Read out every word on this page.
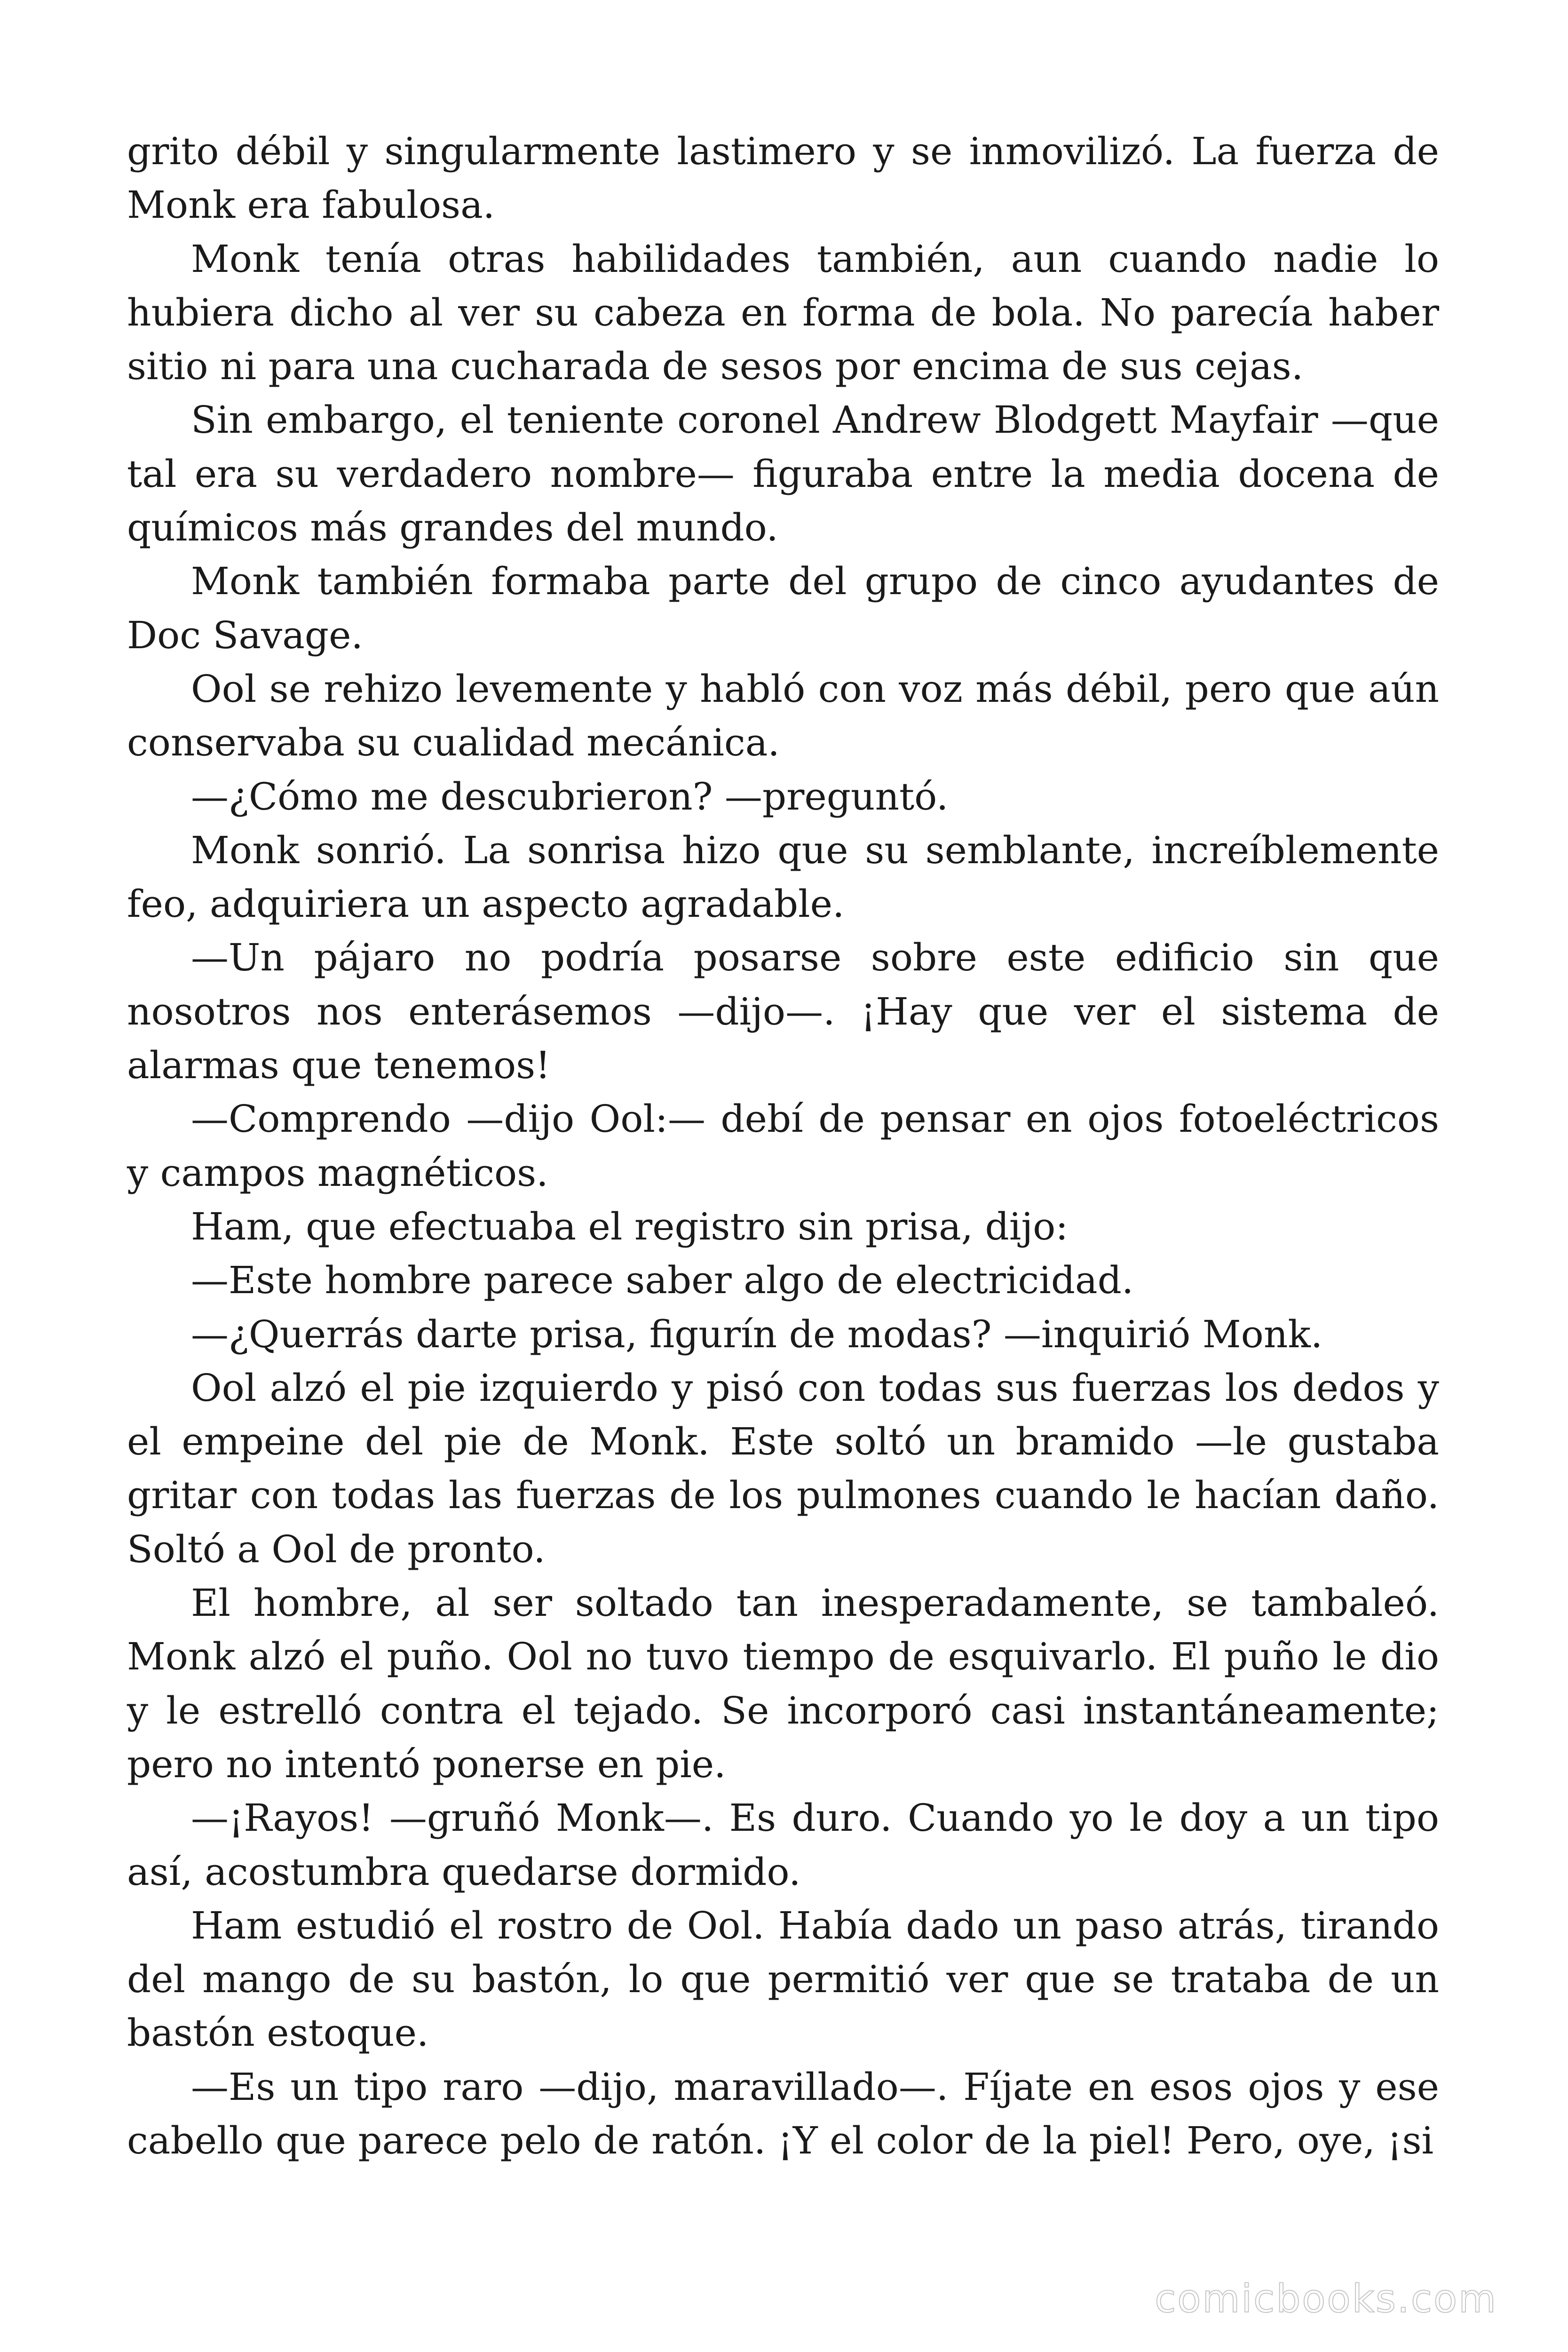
grito débil y singularmente lastimero y se inmovilizó. La fuerza de Monk era fabulosa.

Monk tenía otras habilidades también, aun cuando nadie lo hubiera dicho al ver su cabeza en forma de bola. No parecía haber sitio ni para una cucharada de sesos por encima de sus cejas.

Sin embargo, el teniente coronel Andrew Blodgett Mayfair —que tal era su verdadero nombre— figuraba entre la media docena de químicos más grandes del mundo.

Monk también formaba parte del grupo de cinco ayudantes de Doc Savage.

Ool se rehizo levemente y habló con voz más débil, pero que aún conservaba su cualidad mecánica.

—¿Cómo me descubrieron? —preguntó.

Monk sonrió. La sonrisa hizo que su semblante, increíblemente feo, adquiriera un aspecto agradable.

—Un pájaro no podría posarse sobre este edificio sin que nosotros nos enterásemos —dijo—. ¡Hay que ver el sistema de alarmas que tenemos!

—Comprendo —dijo Ool:— debí de pensar en ojos fotoeléctricos y campos magnéticos.

Ham, que efectuaba el registro sin prisa, dijo:

—Este hombre parece saber algo de electricidad.

—¿Querrás darte prisa, figurín de modas? —inquirió Monk.

Ool alzó el pie izquierdo y pisó con todas sus fuerzas los dedos y el empeine del pie de Monk. Este soltó un bramido —le gustaba gritar con todas las fuerzas de los pulmones cuando le hacían daño. Soltó a Ool de pronto.

El hombre, al ser soltado tan inesperadamente, se tambaleó. Monk alzó el puño. Ool no tuvo tiempo de esquivarlo. El puño le dio y le estrelló contra el tejado. Se incorporó casi instantáneamente; pero no intentó ponerse en pie.

—¡Rayos! —gruñó Monk—. Es duro. Cuando yo le doy a un tipo así, acostumbra quedarse dormido.

Ham estudió el rostro de Ool. Había dado un paso atrás, tirando del mango de su bastón, lo que permitió ver que se trataba de un bastón estoque.

—Es un tipo raro —dijo, maravillado—. Fíjate en esos ojos y ese cabello que parece pelo de ratón. ¡Y el color de la piel! Pero, oye, ¡si

comicbooks.com
